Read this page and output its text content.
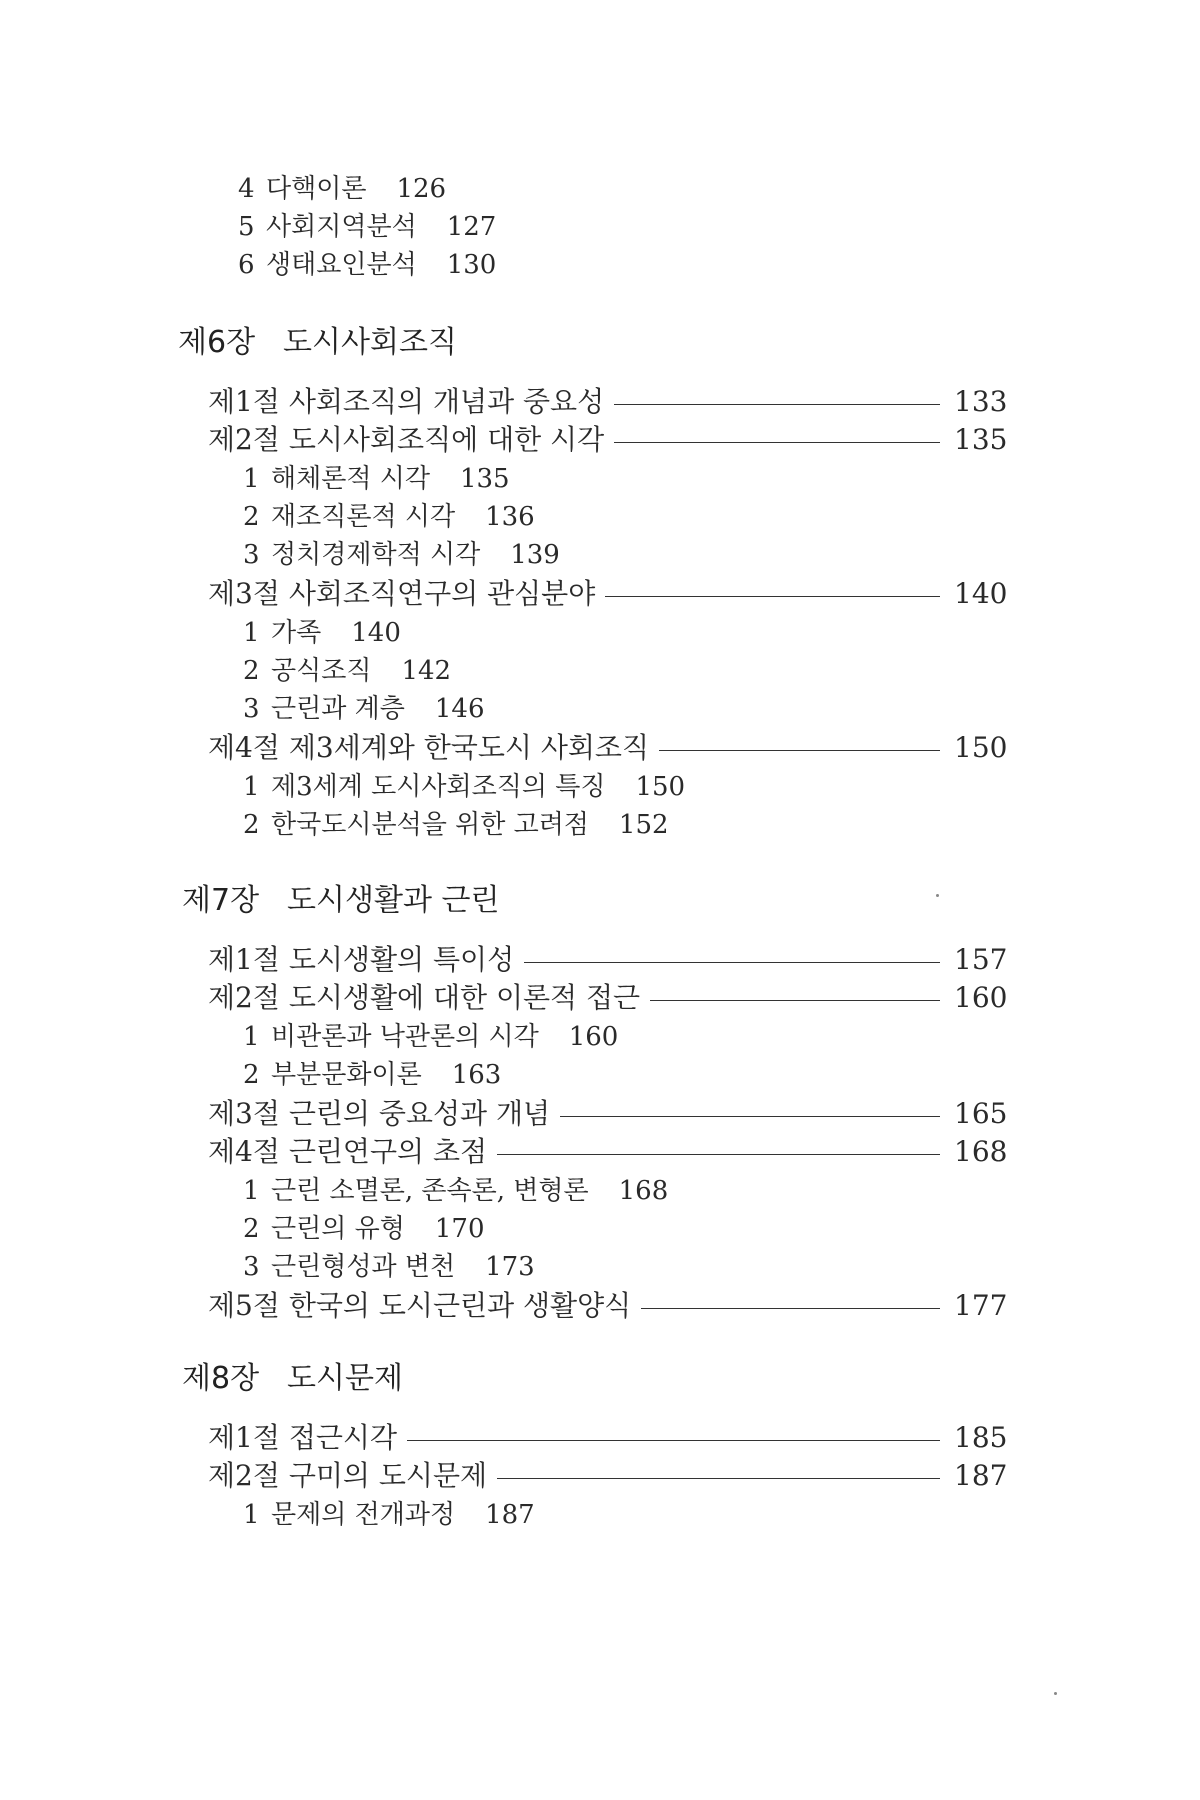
4 다핵이론 126
5 사회지역분석 127
6 생태요인분석 130
제6장 도시사회조직
제1절 사회조직의 개념과 중요성	133
제2절 도시사회조직에 대한 시각	135
1 해체론적 시각 135
2 재조직론적 시각 136
3 정치경제학적 시각 139
제3절 사회조직연구의 관심분야	140
1 가족 140
2 공식조직 142
3 근린과 계층 146
제4절 제3세계와 한국도시 사회조직	150
1 제3세계 도시사회조직의 특징 150
2 한국도시분석을 위한 고려점 152
제7장 도시생활과 근린
제1절 도시생활의 특이성	157
제2절 도시생활에 대한 이론적 접근	160
1 비관론과 낙관론의 시각 160
2 부분문화이론 163
제3절 근린의 중요성과 개념	165
제4절 근린연구의 초점	168
1 근린 소멸론, 존속론, 변형론 168
2 근린의 유형 170
3 근린형성과 변천 173
제5절 한국의 도시근린과 생활양식	177
제8장 도시문제
제1절 접근시각	185
제2절 구미의 도시문제	187
1 문제의 전개과정 187
